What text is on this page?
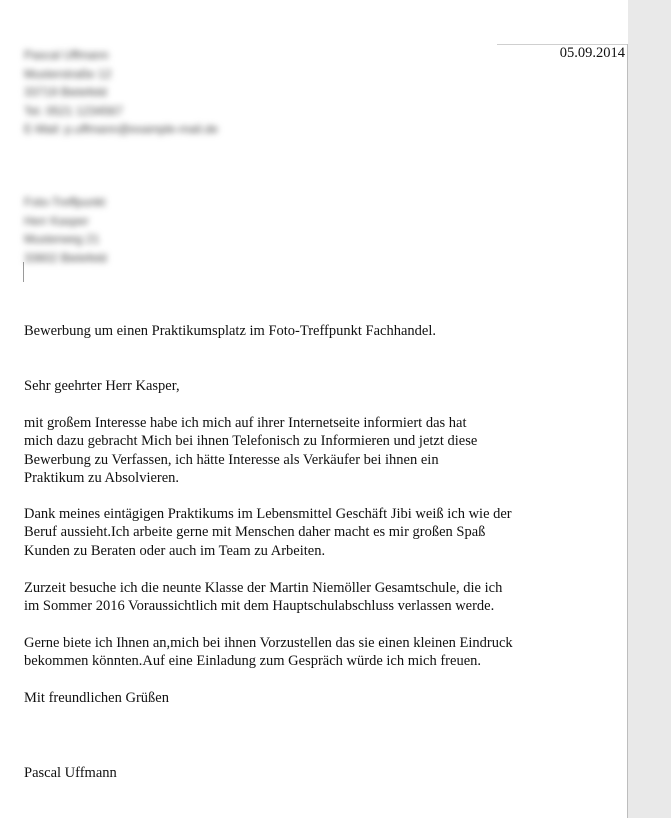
05.09.2014
Pascal Uffmann
Musterstraße 12
33719 Bielefeld
Tel. 0521 1234567
E-Mail: p.uffmann@example-mail.de
Foto-Treffpunkt
Herr Kasper
Musterweg 21
33602 Bielefeld
Bewerbung um einen Praktikumsplatz im Foto-Treffpunkt Fachhandel.
Sehr geehrter Herr Kasper,
mit großem Interesse habe ich mich auf ihrer Internetseite informiert das hat
mich dazu gebracht Mich bei ihnen Telefonisch zu Informieren und jetzt diese
Bewerbung zu Verfassen, ich hätte Interesse als Verkäufer bei ihnen ein
Praktikum zu Absolvieren.
Dank meines eintägigen Praktikums im Lebensmittel Geschäft Jibi weiß ich wie der
Beruf aussieht.Ich arbeite gerne mit Menschen daher macht es mir großen Spaß
Kunden zu Beraten oder auch im Team zu Arbeiten.
Zurzeit besuche ich die neunte Klasse der Martin Niemöller Gesamtschule, die ich
im Sommer 2016 Voraussichtlich mit dem Hauptschulabschluss verlassen werde.
Gerne biete ich Ihnen an,mich bei ihnen Vorzustellen das sie einen kleinen Eindruck
bekommen könnten.Auf eine Einladung zum Gespräch würde ich mich freuen.
Mit freundlichen Grüßen
Pascal Uffmann
